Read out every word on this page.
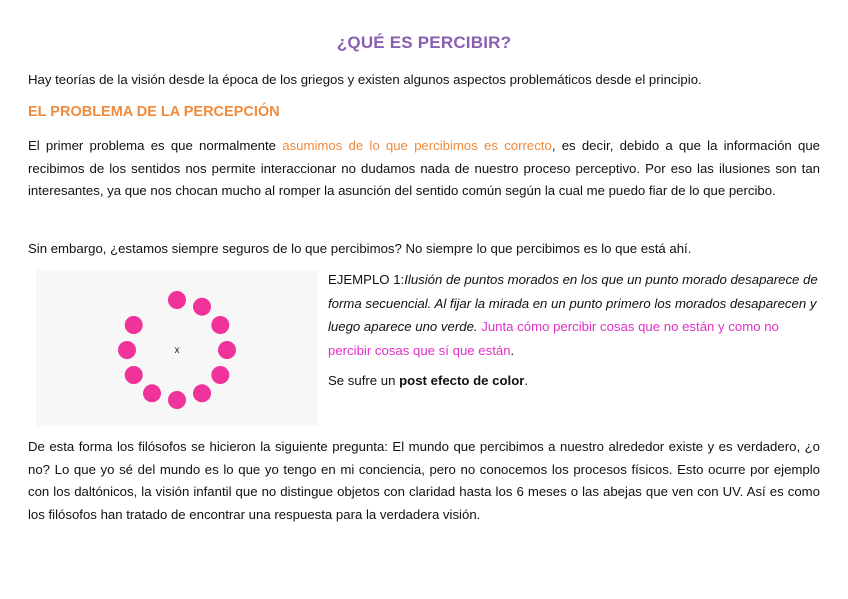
¿QUÉ ES PERCIBIR?
Hay teorías de la visión desde la época de los griegos y existen algunos aspectos problemáticos desde el principio.
EL PROBLEMA DE LA PERCEPCIÓN
El primer problema es que normalmente asumimos de lo que percibimos es correcto, es decir, debido a que la información que recibimos de los sentidos nos permite interaccionar no dudamos nada de nuestro proceso perceptivo. Por eso las ilusiones son tan interesantes, ya que nos chocan mucho al romper la asunción del sentido común según la cual me puedo fiar de lo que percibo.
Sin embargo, ¿estamos siempre seguros de lo que percibimos? No siempre lo que percibimos es lo que está ahí.
x
EJEMPLO 1:Ilusión de puntos morados en los que un punto morado desaparece de forma secuencial. Al fijar la mirada en un punto primero los morados desaparecen y luego aparece uno verde. Junta cómo percibir cosas que no están y como no percibir cosas que sí que están.
Se sufre un post efecto de color.
De esta forma los filósofos se hicieron la siguiente pregunta: El mundo que percibimos a nuestro alrededor existe y es verdadero, ¿o no? Lo que yo sé del mundo es lo que yo tengo en mi conciencia, pero no conocemos los procesos físicos. Esto ocurre por ejemplo con los daltónicos, la visión infantil que no distingue objetos con claridad hasta los 6 meses o las abejas que ven con UV. Así es como los filósofos han tratado de encontrar una respuesta para la verdadera visión.
